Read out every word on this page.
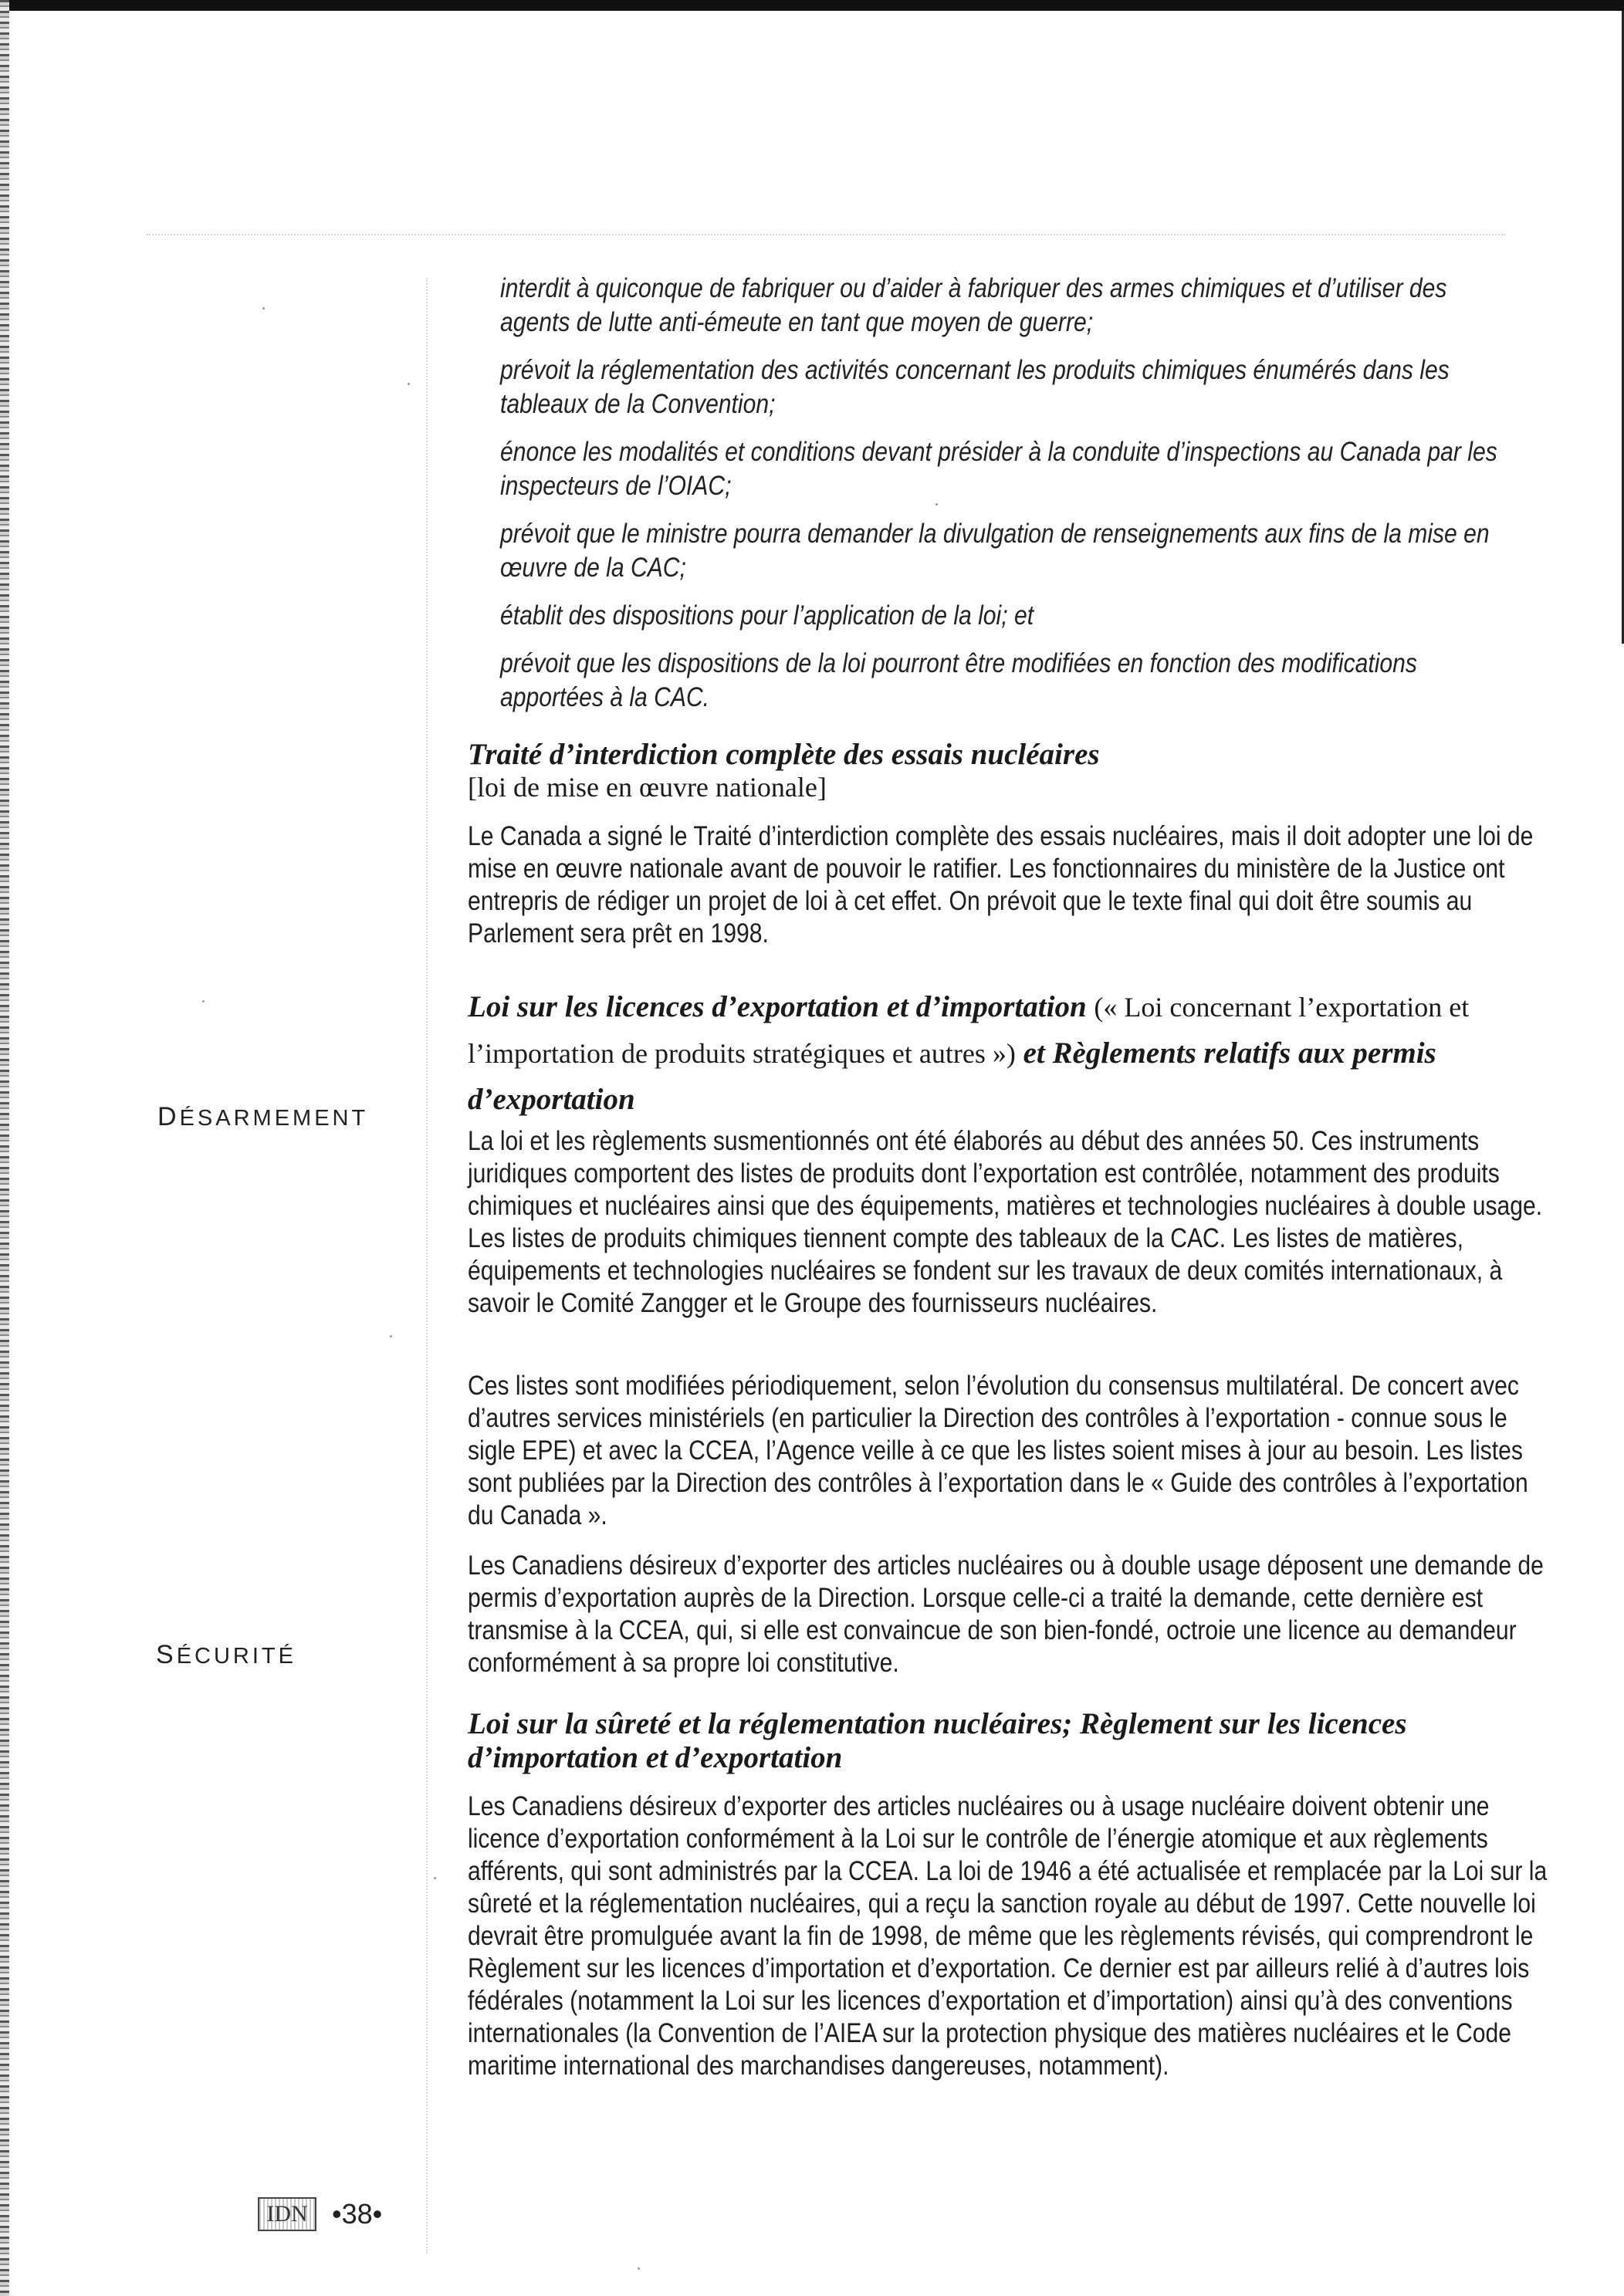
interdit à quiconque de fabriquer ou d’aider à fabriquer des armes chimiques et d’utiliser des agents de lutte anti-émeute en tant que moyen de guerre;

prévoit la réglementation des activités concernant les produits chimiques énumérés dans les tableaux de la Convention;

énonce les modalités et conditions devant présider à la conduite d’inspections au Canada par les inspecteurs de l’OIAC;

prévoit que le ministre pourra demander la divulgation de renseignements aux fins de la mise en œuvre de la CAC;

établit des dispositions pour l’application de la loi; et

prévoit que les dispositions de la loi pourront être modifiées en fonction des modifications apportées à la CAC.

Traité d’interdiction complète des essais nucléaires
[loi de mise en œuvre nationale]
Le Canada a signé le Traité d’interdiction complète des essais nucléaires, mais il doit adopter une loi de mise en œuvre nationale avant de pouvoir le ratifier. Les fonctionnaires du ministère de la Justice ont entrepris de rédiger un projet de loi à cet effet. On prévoit que le texte final qui doit être soumis au Parlement sera prêt en 1998.
Loi sur les licences d’exportation et d’importation (« Loi concernant l’exportation et l’importation de produits stratégiques et autres ») et Règlements relatifs aux permis d’exportation
La loi et les règlements susmentionnés ont été élaborés au début des années 50. Ces instruments juridiques comportent des listes de produits dont l’exportation est contrôlée, notamment des produits chimiques et nucléaires ainsi que des équipements, matières et technologies nucléaires à double usage. Les listes de produits chimiques tiennent compte des tableaux de la CAC. Les listes de matières, équipements et technologies nucléaires se fondent sur les travaux de deux comités internationaux, à savoir le Comité Zangger et le Groupe des fournisseurs nucléaires.
Ces listes sont modifiées périodiquement, selon l’évolution du consensus multilatéral. De concert avec d’autres services ministériels (en particulier la Direction des contrôles à l’exportation - connue sous le sigle EPE) et avec la CCEA, l’Agence veille à ce que les listes soient mises à jour au besoin. Les listes sont publiées par la Direction des contrôles à l’exportation dans le « Guide des contrôles à l’exportation du Canada ».
Les Canadiens désireux d’exporter des articles nucléaires ou à double usage déposent une demande de permis d’exportation auprès de la Direction. Lorsque celle-ci a traité la demande, cette dernière est transmise à la CCEA, qui, si elle est convaincue de son bien-fondé, octroie une licence au demandeur conformément à sa propre loi constitutive.
Loi sur la sûreté et la réglementation nucléaires; Règlement sur les licences d’importation et d’exportation
Les Canadiens désireux d’exporter des articles nucléaires ou à usage nucléaire doivent obtenir une licence d’exportation conformément à la Loi sur le contrôle de l’énergie atomique et aux règlements afférents, qui sont administrés par la CCEA. La loi de 1946 a été actualisée et remplacée par la Loi sur la sûreté et la réglementation nucléaires, qui a reçu la sanction royale au début de 1997. Cette nouvelle loi devrait être promulguée avant la fin de 1998, de même que les règlements révisés, qui comprendront le Règlement sur les licences d’importation et d’exportation. Ce dernier est par ailleurs relié à d’autres lois fédérales (notamment la Loi sur les licences d’exportation et d’importation) ainsi qu’à des conventions internationales (la Convention de l’AIEA sur la protection physique des matières nucléaires et le Code maritime international des marchandises dangereuses, notamment).
DÉSARMEMENT
SÉCURITÉ
IDN •38•
